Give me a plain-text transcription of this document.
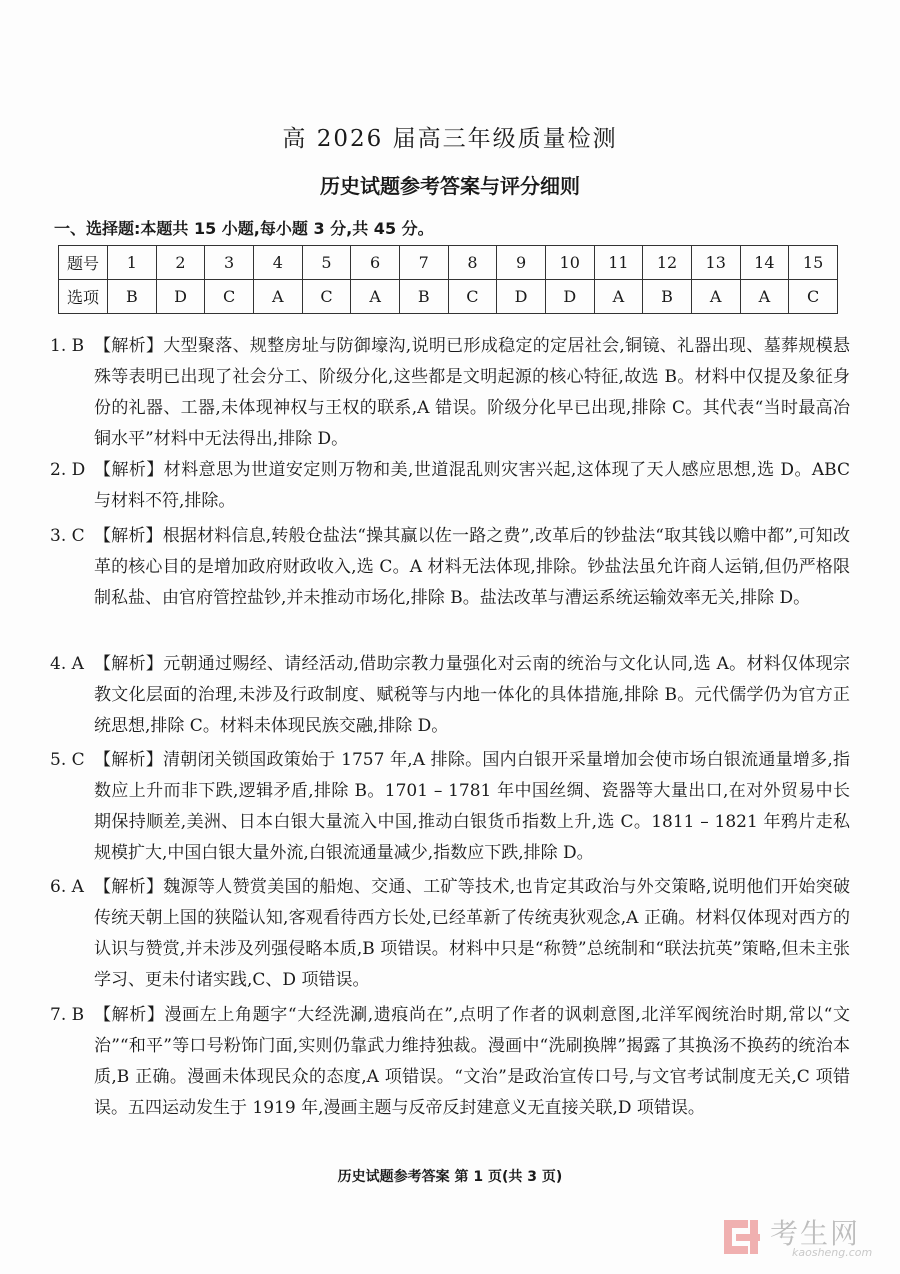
高 2026 届高三年级质量检测
历史试题参考答案与评分细则
一、选择题:本题共 15 小题,每小题 3 分,共 45 分。
题号	1	2	3	4	5	6	7	8	9	10	11	12	13	14	15
选项	B	D	C	A	C	A	B	C	D	D	A	B	A	A	C
1. B 【解析】大型聚落、规整房址与防御壕沟,说明已形成稳定的定居社会,铜镜、礼器出现、墓葬规模悬殊等表明已出现了社会分工、阶级分化,这些都是文明起源的核心特征,故选 B。材料中仅提及象征身份的礼器、工器,未体现神权与王权的联系,A 错误。阶级分化早已出现,排除 C。其代表“当时最高冶铜水平”材料中无法得出,排除 D。
2. D 【解析】材料意思为世道安定则万物和美,世道混乱则灾害兴起,这体现了天人感应思想,选 D。ABC 与材料不符,排除。
3. C 【解析】根据材料信息,转般仓盐法“操其赢以佐一路之费”,改革后的钞盐法“取其钱以赡中都”,可知改革的核心目的是增加政府财政收入,选 C。A 材料无法体现,排除。钞盐法虽允许商人运销,但仍严格限制私盐、由官府管控盐钞,并未推动市场化,排除 B。盐法改革与漕运系统运输效率无关,排除 D。
4. A 【解析】元朝通过赐经、请经活动,借助宗教力量强化对云南的统治与文化认同,选 A。材料仅体现宗教文化层面的治理,未涉及行政制度、赋税等与内地一体化的具体措施,排除 B。元代儒学仍为官方正统思想,排除 C。材料未体现民族交融,排除 D。
5. C 【解析】清朝闭关锁国政策始于 1757 年,A 排除。国内白银开采量增加会使市场白银流通量增多,指数应上升而非下跌,逻辑矛盾,排除 B。1701 – 1781 年中国丝绸、瓷器等大量出口,在对外贸易中长期保持顺差,美洲、日本白银大量流入中国,推动白银货币指数上升,选 C。1811 – 1821 年鸦片走私规模扩大,中国白银大量外流,白银流通量减少,指数应下跌,排除 D。
6. A 【解析】魏源等人赞赏美国的船炮、交通、工矿等技术,也肯定其政治与外交策略,说明他们开始突破传统天朝上国的狭隘认知,客观看待西方长处,已经革新了传统夷狄观念,A 正确。材料仅体现对西方的认识与赞赏,并未涉及列强侵略本质,B 项错误。材料中只是“称赞”总统制和“联法抗英”策略,但未主张学习、更未付诸实践,C、D 项错误。
7. B 【解析】漫画左上角题字“大经洗涮,遗痕尚在”,点明了作者的讽刺意图,北洋军阀统治时期,常以“文治”“和平”等口号粉饰门面,实则仍靠武力维持独裁。漫画中“洗刷换牌”揭露了其换汤不换药的统治本质,B 正确。漫画未体现民众的态度,A 项错误。“文治”是政治宣传口号,与文官考试制度无关,C 项错误。五四运动发生于 1919 年,漫画主题与反帝反封建意义无直接关联,D 项错误。
历史试题参考答案 第 1 页(共 3 页)
考生网
kaosheng.com
